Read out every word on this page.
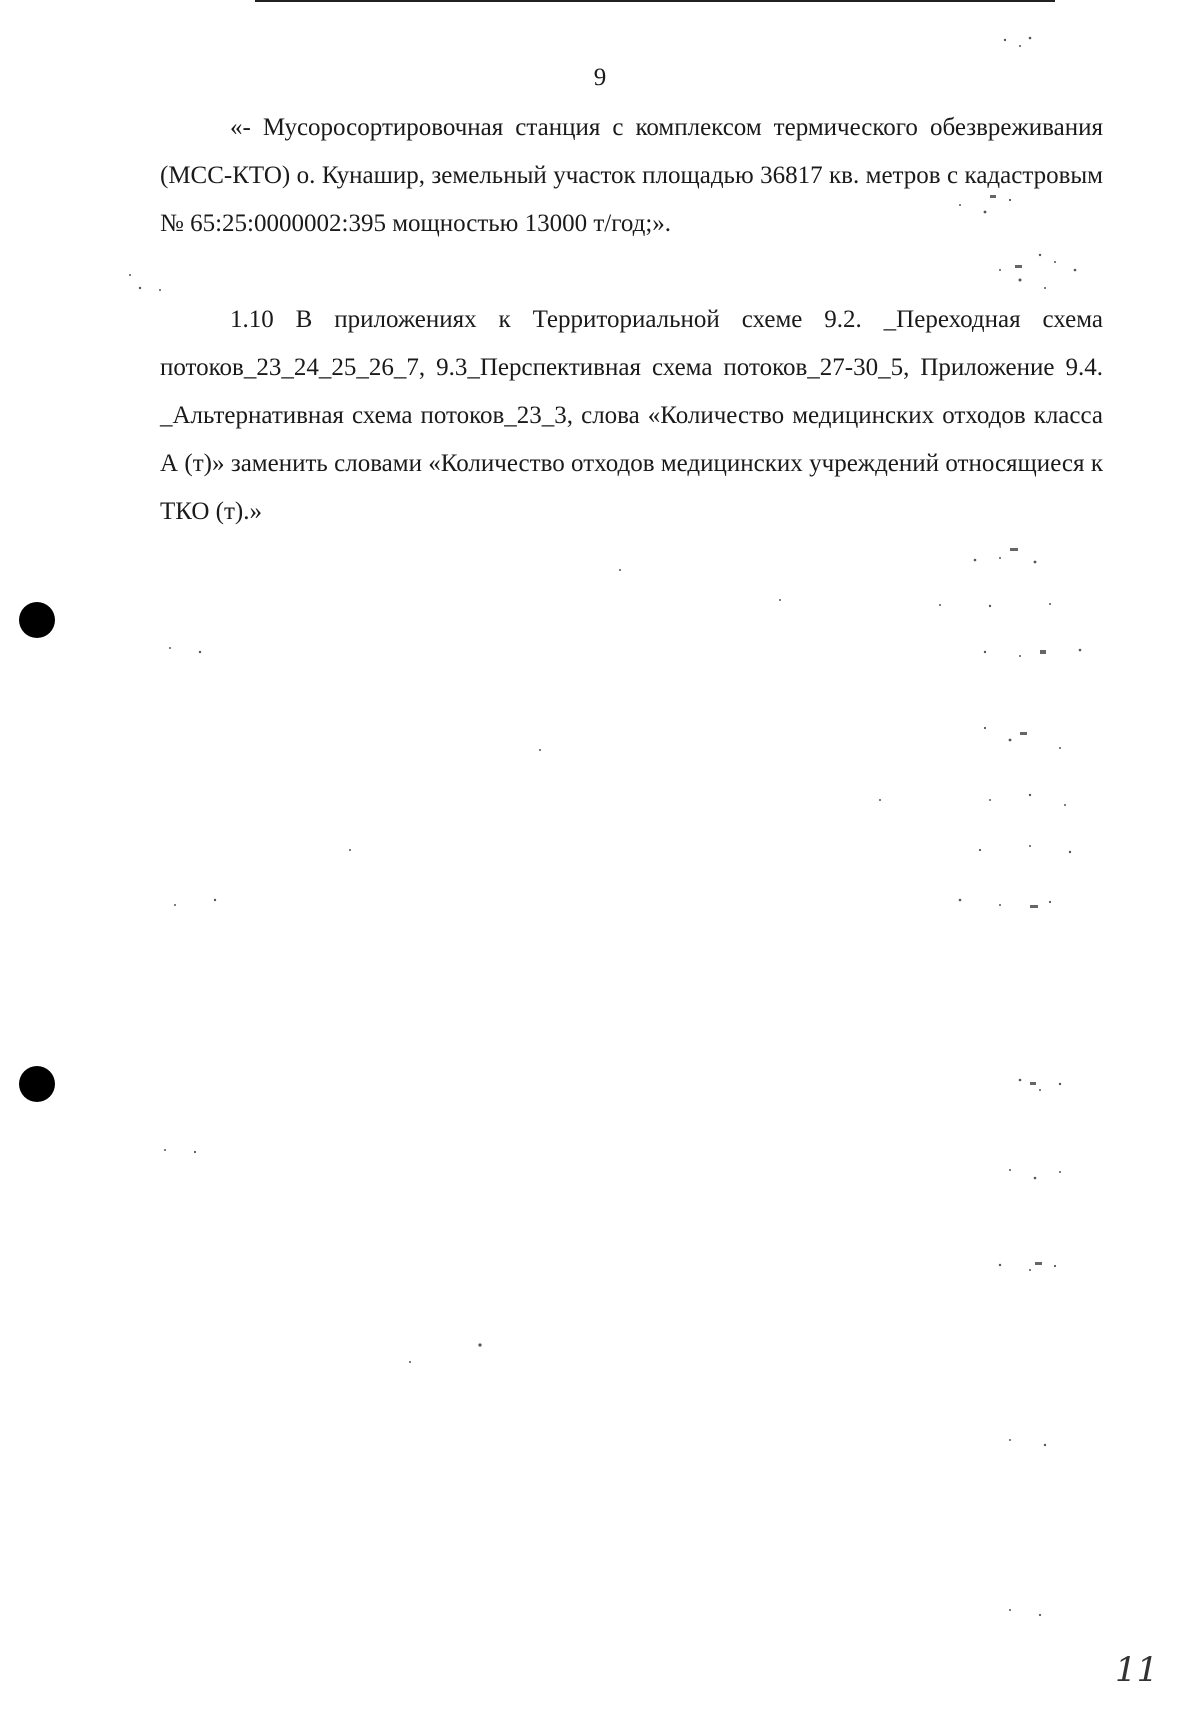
9

«- Мусоросортировочная станция с комплексом термического обезвреживания (МСС-КТО) о. Кунашир, земельный участок площадью 36817 кв. метров с кадастровым № 65:25:0000002:395 мощностью 13000 т/год;».

1.10 В приложениях к Территориальной схеме 9.2. _Переходная схема потоков_23_24_25_26_7, 9.3_Перспективная схема потоков_27-30_5, Приложение 9.4. _Альтернативная схема потоков_23_3, слова «Количество медицинских отходов класса А (т)» заменить словами «Количество отходов медицинских учреждений относящиеся к ТКО (т).»

11
